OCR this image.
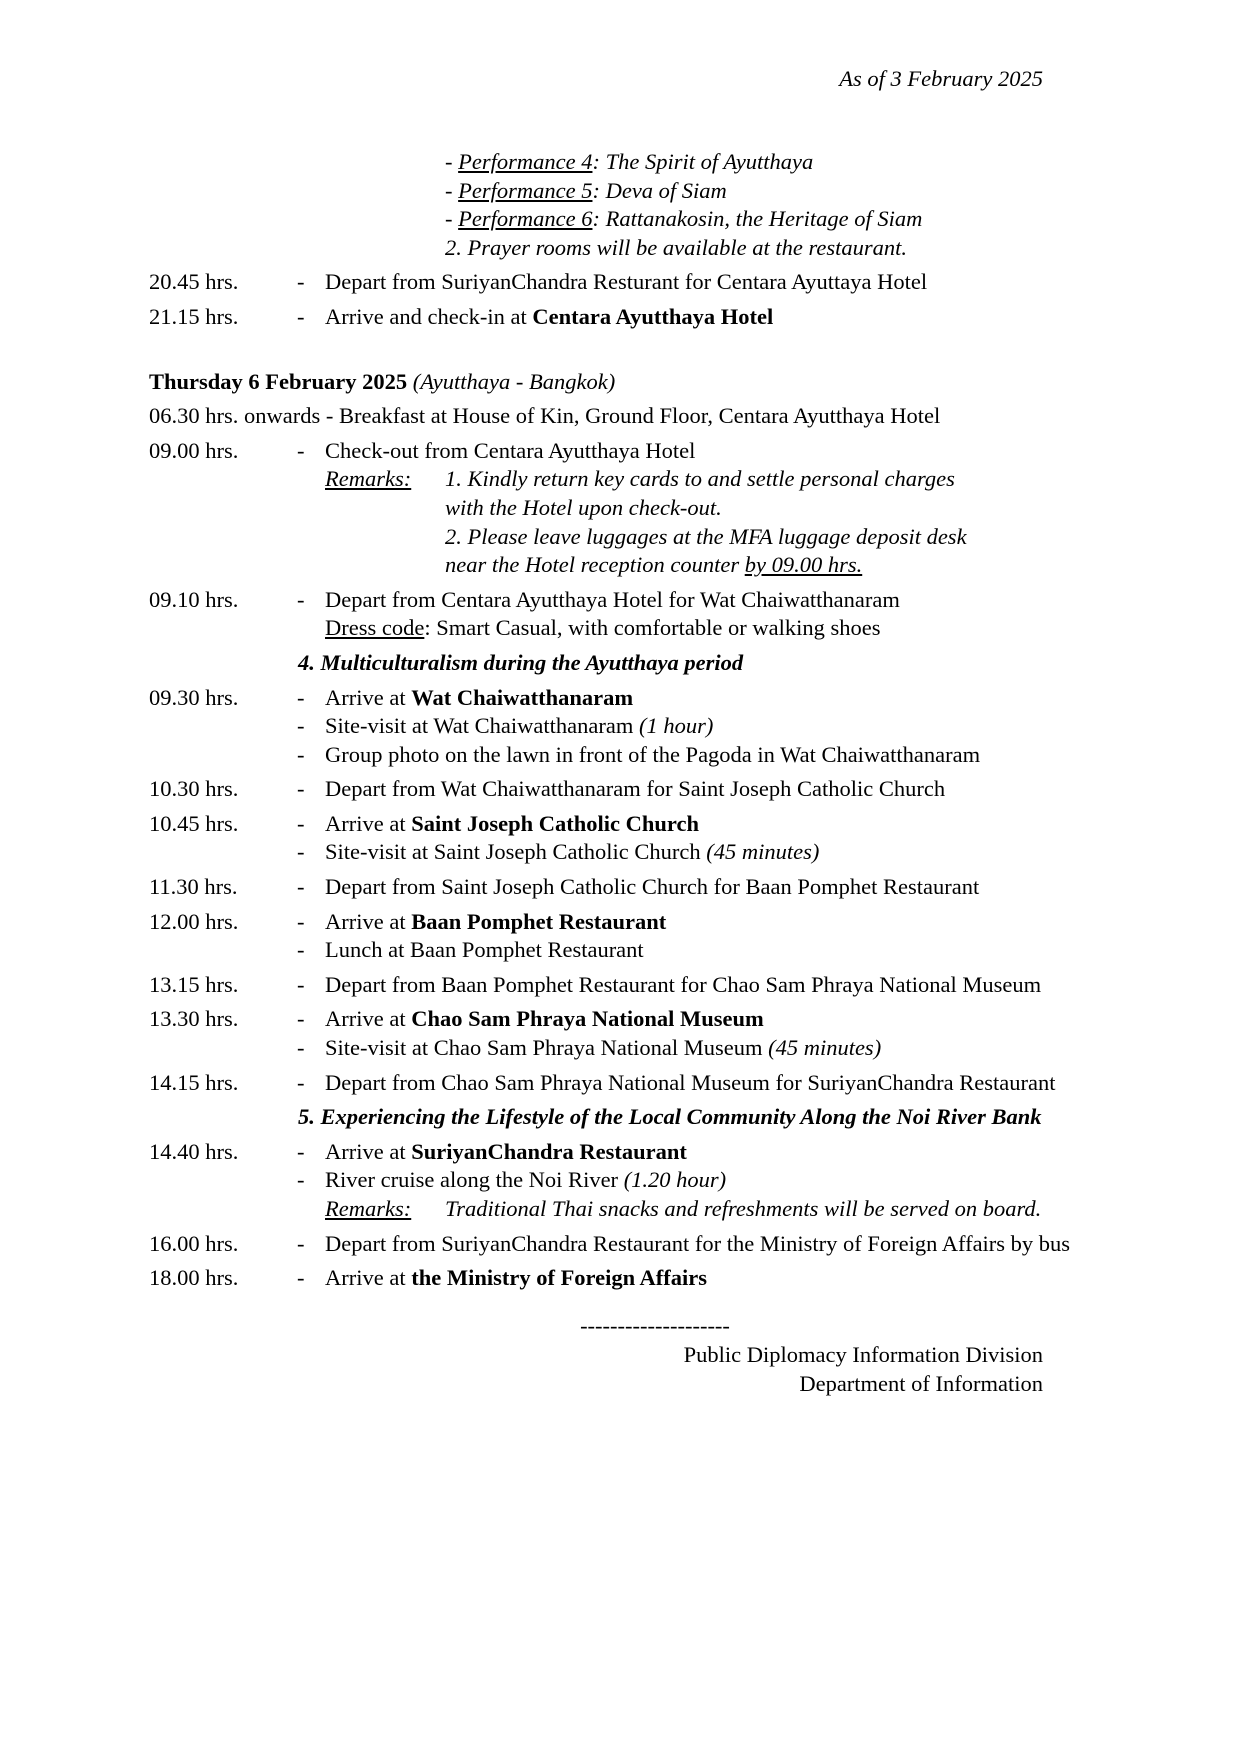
As of 3 February 2025
- Performance 4: The Spirit of Ayutthaya
- Performance 5: Deva of Siam
- Performance 6: Rattanakosin, the Heritage of Siam
2. Prayer rooms will be available at the restaurant.
20.45 hrs.	- Depart from SuriyanChandra Resturant for Centara Ayuttaya Hotel
21.15 hrs.	- Arrive and check-in at Centara Ayutthaya Hotel
Thursday 6 February 2025 (Ayutthaya - Bangkok)
06.30 hrs. onwards - Breakfast at House of Kin, Ground Floor, Centara Ayutthaya Hotel
09.00 hrs.	- Check-out from Centara Ayutthaya Hotel
Remarks: 1. Kindly return key cards to and settle personal charges
with the Hotel upon check-out.
2. Please leave luggages at the MFA luggage deposit desk
near the Hotel reception counter by 09.00 hrs.
09.10 hrs.	- Depart from Centara Ayutthaya Hotel for Wat Chaiwatthanaram
Dress code: Smart Casual, with comfortable or walking shoes
4. Multiculturalism during the Ayutthaya period
09.30 hrs.	- Arrive at Wat Chaiwatthanaram
- Site-visit at Wat Chaiwatthanaram (1 hour)
- Group photo on the lawn in front of the Pagoda in Wat Chaiwatthanaram
10.30 hrs.	- Depart from Wat Chaiwatthanaram for Saint Joseph Catholic Church
10.45 hrs.	- Arrive at Saint Joseph Catholic Church
- Site-visit at Saint Joseph Catholic Church (45 minutes)
11.30 hrs.	- Depart from Saint Joseph Catholic Church for Baan Pomphet Restaurant
12.00 hrs.	- Arrive at Baan Pomphet Restaurant
- Lunch at Baan Pomphet Restaurant
13.15 hrs.	- Depart from Baan Pomphet Restaurant for Chao Sam Phraya National Museum
13.30 hrs.	- Arrive at Chao Sam Phraya National Museum
- Site-visit at Chao Sam Phraya National Museum (45 minutes)
14.15 hrs.	- Depart from Chao Sam Phraya National Museum for SuriyanChandra Restaurant
5. Experiencing the Lifestyle of the Local Community Along the Noi River Bank
14.40 hrs.	- Arrive at SuriyanChandra Restaurant
- River cruise along the Noi River (1.20 hour)
Remarks: Traditional Thai snacks and refreshments will be served on board.
16.00 hrs.	- Depart from SuriyanChandra Restaurant for the Ministry of Foreign Affairs by bus
18.00 hrs.	- Arrive at the Ministry of Foreign Affairs
--------------------
Public Diplomacy Information Division
Department of Information
